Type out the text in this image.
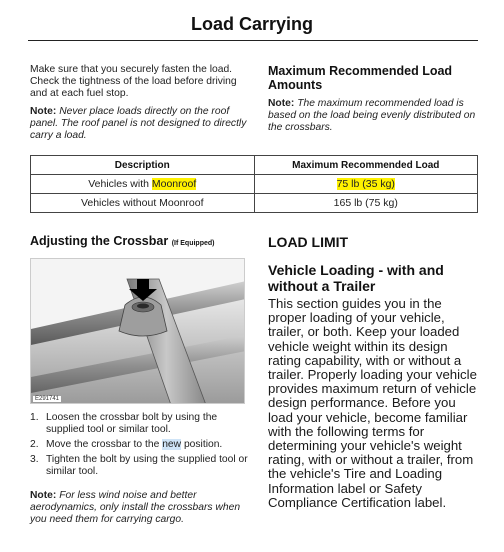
Load Carrying

Make sure that you securely fasten the load. Check the tightness of the load before driving and at each fuel stop.

Note: Never place loads directly on the roof panel. The roof panel is not designed to directly carry a load.

Maximum Recommended Load Amounts

Note: The maximum recommended load is based on the load being evenly distributed on the crossbars.

Description	Maximum Recommended Load
Vehicles with Moonroof	75 lb (35 kg)
Vehicles without Moonroof	165 lb (75 kg)
Adjusting the Crossbar (If Equipped)
E291741
1. Loosen the crossbar bolt by using the supplied tool or similar tool.
2. Move the crossbar to the new position.
3. Tighten the bolt by using the supplied tool or similar tool.

Note: For less wind noise and better aerodynamics, only install the crossbars when you need them for carrying cargo.

LOAD LIMIT
Vehicle Loading - with and without a Trailer

This section guides you in the proper loading of your vehicle, trailer, or both. Keep your loaded vehicle weight within its design rating capability, with or without a trailer. Properly loading your vehicle provides maximum return of vehicle design performance. Before you load your vehicle, become familiar with the following terms for determining your vehicle's weight rating, with or without a trailer, from the vehicle's Tire and Loading Information label or Safety Compliance Certification label.
